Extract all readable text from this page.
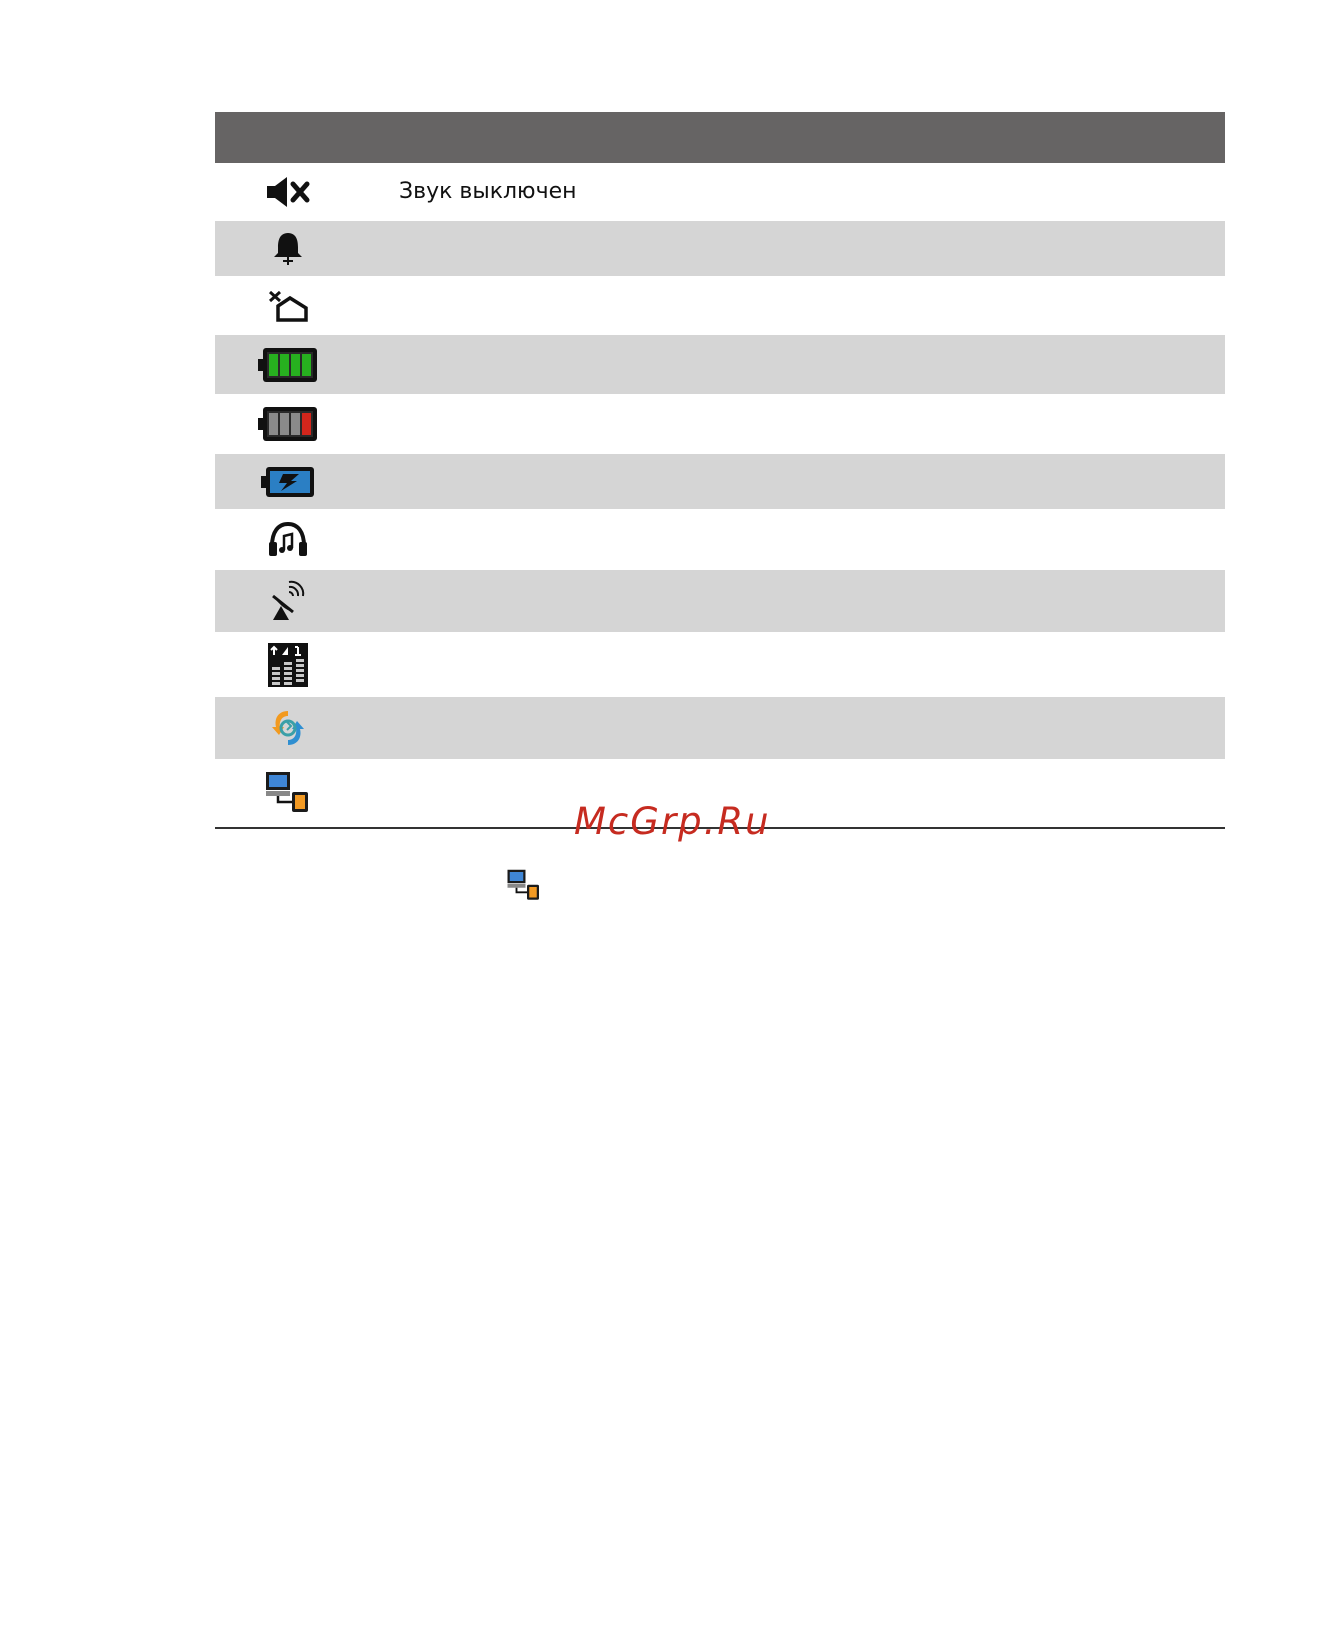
Звук выключен
McGrp.Ru
